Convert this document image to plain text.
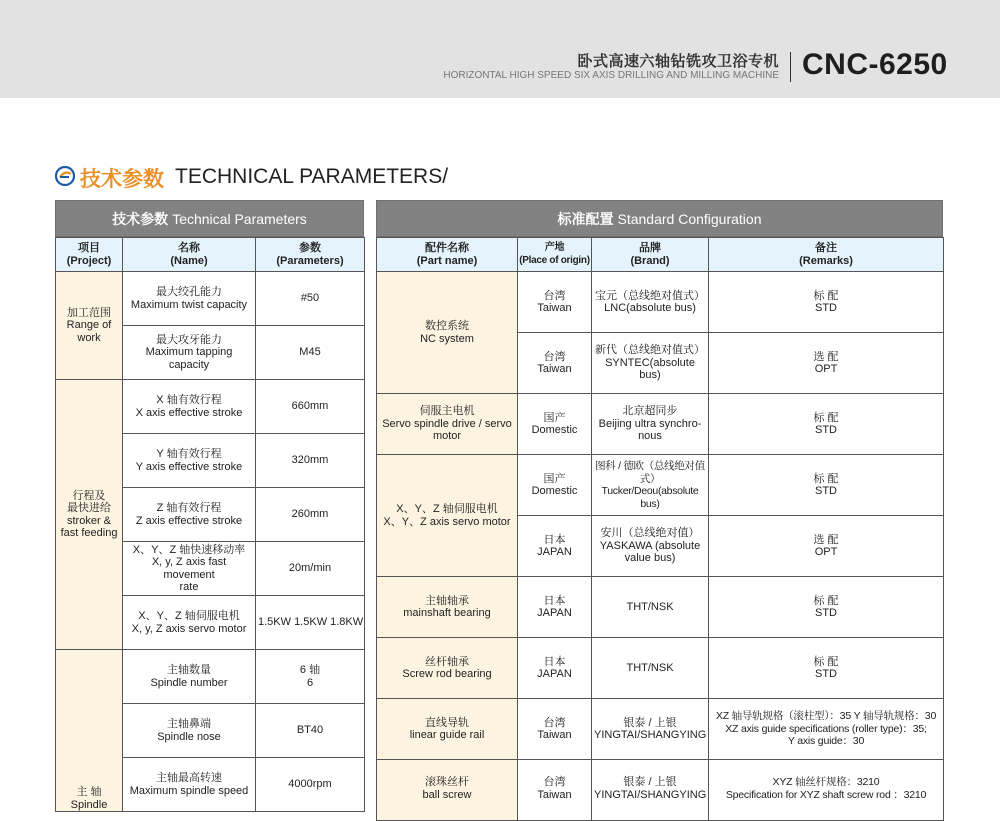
卧式高速六轴钻铣攻卫浴专机
HORIZONTAL HIGH SPEED SIX AXIS DRILLING AND MILLING MACHINE CNC-6250
技术参数 TECHNICAL PARAMETERS/
技术参数 Technical Parameters
项目
(Project)	名称
(Name)	参数
(Parameters)
加工范围
Range of
work	最大绞孔能力
Maximum twist capacity	#50
	最大攻牙能力
Maximum tapping
capacity	M45
行程及
最快进给
stroker &
fast feeding	X 轴有效行程
X axis effective stroke	660mm
	Y 轴有效行程
Y axis effective stroke	320mm
	Z 轴有效行程
Z axis effective stroke	260mm
	X、Y、Z 轴快速移动率
X, y, Z axis fast movement
rate	20m/min
	X、Y、Z 轴伺服电机
X, y, Z axis servo motor	1.5KW 1.5KW 1.8KW
主 轴
Spindle	主轴数量
Spindle number	6 轴
6
	主轴鼻端
Spindle nose	BT40
	主轴最高转速
Maximum spindle speed	4000rpm
标准配置 Standard Configuration
配件名称
(Part name)	产地
(Place of origin)	品牌
(Brand)	备注
(Remarks)
数控系统
NC system	台湾
Taiwan	宝元（总线绝对值式）
LNC(absolute bus)	标 配
STD
	台湾
Taiwan	新代（总线绝对值式）
SYNTEC(absolute bus)	选 配
OPT
伺服主电机
Servo spindle drive / servo
motor	国产
Domestic	北京超同步
Beijing ultra synchro-
nous	标 配
STD
X、Y、Z 轴伺服电机
X、Y、Z axis servo motor	国产
Domestic	图科 / 德欧（总线绝对值式）
Tucker/Deou(absolute
bus)	标 配
STD
	日本
JAPAN	安川（总线绝对值）
YASKAWA (absolute
value bus)	选 配
OPT
主轴轴承
mainshaft bearing	日本
JAPAN	THT/NSK	标 配
STD
丝杆轴承
Screw rod bearing	日本
JAPAN	THT/NSK	标 配
STD
直线导轨
linear guide rail	台湾
Taiwan	银泰 / 上银
YINGTAI/SHANGYING	XZ 轴导轨规格（滚柱型）：35 Y 轴导轨规格：30
XZ axis guide specifications (roller type)：35;
Y axis guide：30
滚珠丝杆
ball screw	台湾
Taiwan	银泰 / 上银
YINGTAI/SHANGYING	XYZ 轴丝杆规格：3210
Specification for XYZ shaft screw rod ：3210
